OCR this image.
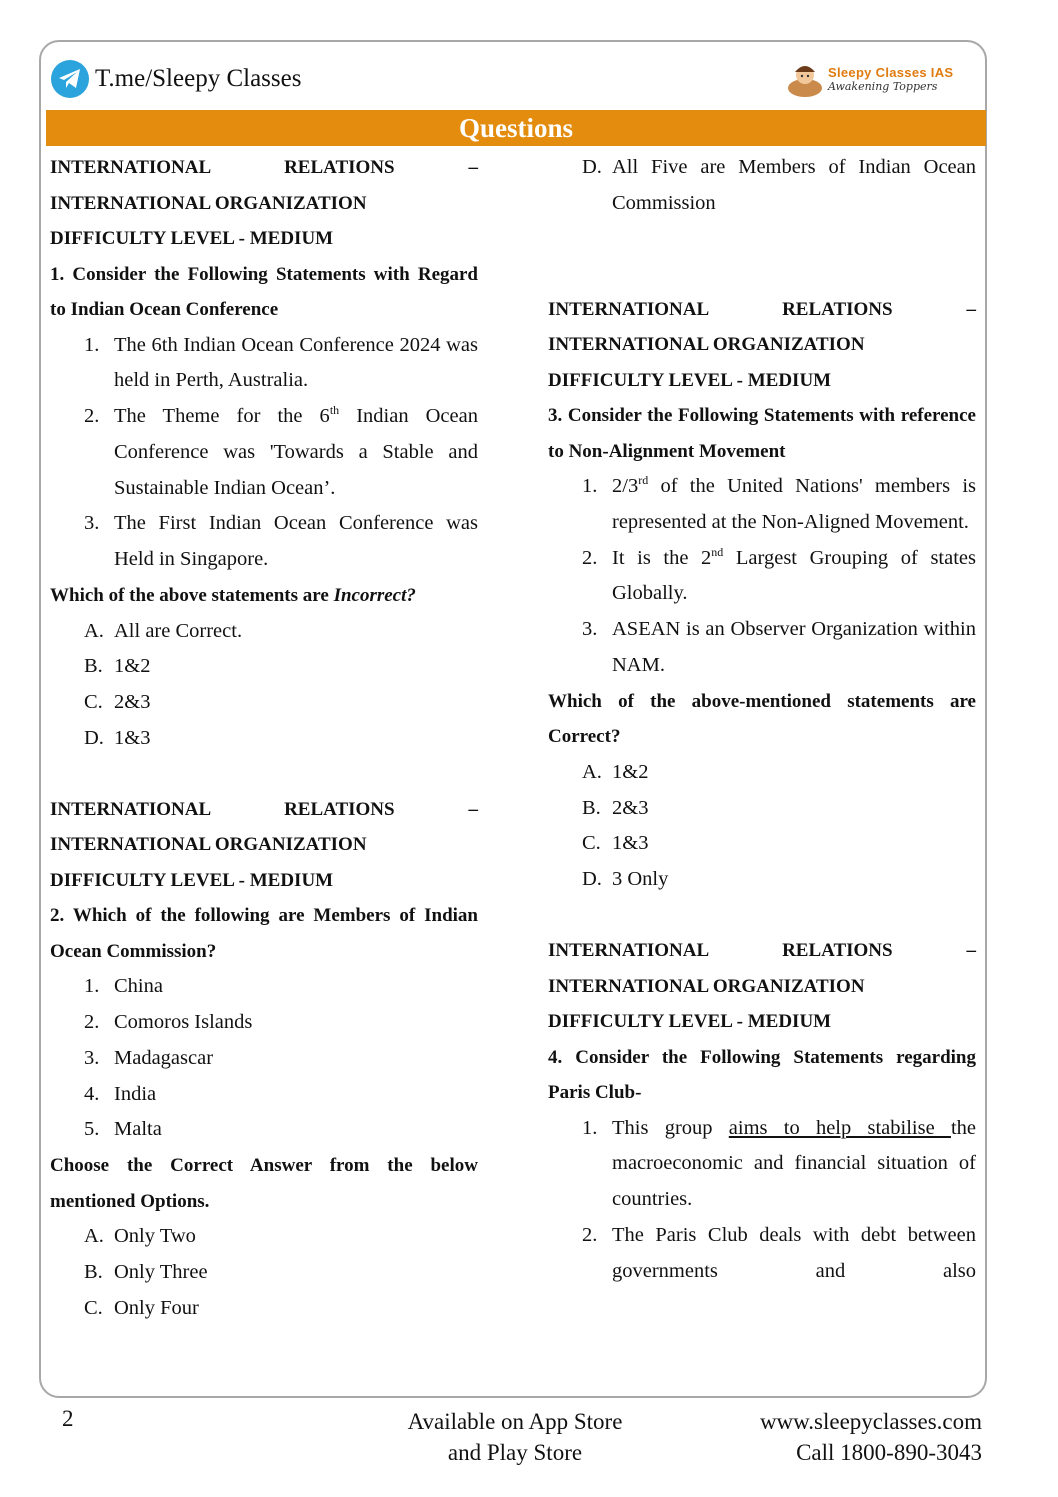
T.me/Sleepy Classes	Sleepy Classes IAS
Awakening Toppers
Questions
INTERNATIONAL	RELATIONS	–
INTERNATIONAL ORGANIZATION
DIFFICULTY LEVEL - MEDIUM
1. Consider the Following Statements with Regard to Indian Ocean Conference
1. The 6th Indian Ocean Conference 2024 was held in Perth, Australia.
2. The Theme for the 6th Indian Ocean Conference was 'Towards a Stable and Sustainable Indian Ocean’.
3. The First Indian Ocean Conference was Held in Singapore.
Which of the above statements are Incorrect?
A. All are Correct.
B. 1&2
C. 2&3
D. 1&3
INTERNATIONAL	RELATIONS	–
INTERNATIONAL ORGANIZATION
DIFFICULTY LEVEL - MEDIUM
2. Which of the following are Members of Indian Ocean Commission?
1. China
2. Comoros Islands
3. Madagascar
4. India
5. Malta
Choose the Correct Answer from the below mentioned Options.
A. Only Two
B. Only Three
C. Only Four
D. All Five are Members of Indian Ocean Commission
INTERNATIONAL	RELATIONS	–
INTERNATIONAL ORGANIZATION
DIFFICULTY LEVEL - MEDIUM
3. Consider the Following Statements with reference to Non-Alignment Movement
1. 2/3rd of the United Nations' members is represented at the Non-Aligned Movement.
2. It is the 2nd Largest Grouping of states Globally.
3. ASEAN is an Observer Organization within NAM.
Which of the above-mentioned statements are Correct?
A. 1&2
B. 2&3
C. 1&3
D. 3 Only
INTERNATIONAL	RELATIONS	–
INTERNATIONAL ORGANIZATION
DIFFICULTY LEVEL - MEDIUM
4. Consider the Following Statements regarding Paris Club-
1. This group aims to help stabilise the macroeconomic and financial situation of countries.
2. The Paris Club deals with debt between governments and also
2	Available on App Store
and Play Store
www.sleepyclasses.com
Call 1800-890-3043
